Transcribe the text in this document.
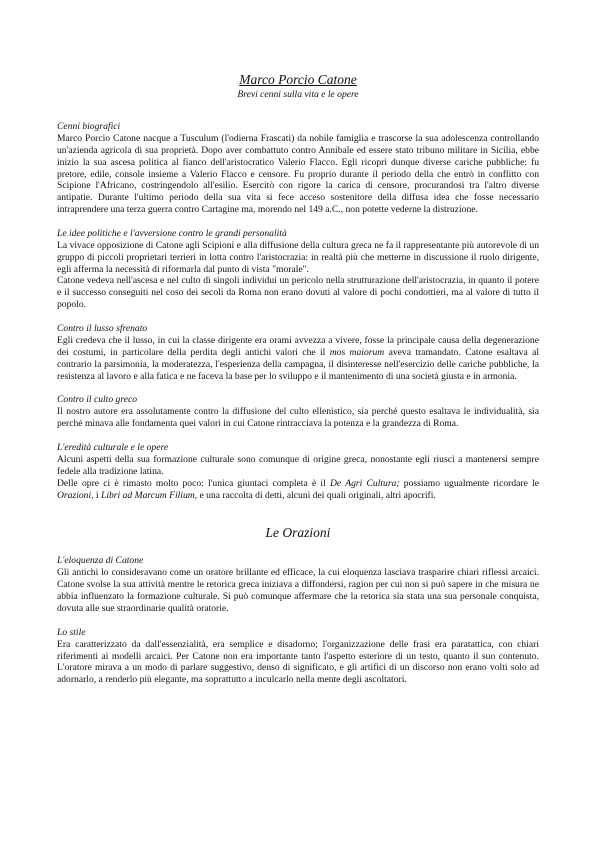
Marco Porcio Catone
Brevi cenni sulla vita e le opere
Cenni biografici
Marco Porcio Catone nacque a Tusculum (l'odierna Frascati) da nobile famiglia e trascorse la sua adolescenza controllando un'azienda agricola di sua proprietà. Dopo aver combattuto contro Annibale ed essere stato tribuno militare in Sicilia, ebbe inizio la sua ascesa politica al fianco dell'aristocratico Valerio Flacco. Egli ricoprì dunque diverse cariche pubbliche: fu pretore, edile, console insieme a Valerio Flacco e censore. Fu proprio durante il periodo della che entrò in conflitto con Scipione l'Africano, costringendolo all'esilio. Esercitò con rigore la carica di censore, procurandosi tra l'altro diverse antipatie. Durante l'ultimo periodo della sua vita si fece acceso sostenitore della diffusa idea che fosse necessario intraprendere una terza guerra contro Cartagine ma, morendo nel 149 a.C., non potette vederne la distruzione.
Le idee politiche e l'avversione contro le grandi personalità
La vivace opposizione di Catone agli Scipioni e alla diffusione della cultura greca ne fa il rappresentante più autorevole di un gruppo di piccoli proprietari terrieri in lotta contro l'aristocrazia: in realtà più che metterne in discussione il ruolo dirigente, egli afferma la necessità di riformarla dal punto di vista "morale".
Catone vedeva nell'ascesa e nel culto di singoli individui un pericolo nella strutturazione dell'aristocrazia, in quanto il potere e il successo conseguiti nel coso dei secoli da Roma non erano dovuti al valore di pochi condottieri, ma al valore di tutto il popolo.
Contro il lusso sfrenato
Egli credeva che il lusso, in cui la classe dirigente era orami avvezza a vivere, fosse la principale causa della degenerazione dei costumi, in particolare della perdita degli antichi valori che il mos maiorum aveva tramandato. Catone esaltava al contrario la parsimonia, la moderatezza, l'esperienza della campagna, il disinteresse nell'esercizio delle cariche pubbliche, la resistenza al lavoro e alla fatica e ne faceva la base per lo sviluppo e il mantenimento di una società giusta e in armonia.
Contro il culto greco
Il nostro autore era assolutamente contro la diffusione del culto ellenistico, sia perché questo esaltava le individualità, sia perché minava alle fondamenta quei valori in cui Catone rintracciava la potenza e la grandezza di Roma.
L'eredità culturale e le opere
Alcuni aspetti della sua formazione culturale sono comunque di origine greca, nonostante egli riuscì a mantenersi sempre fedele alla tradizione latina.
Delle opre ci è rimasto molto poco: l'unica giuntaci completa è il De Agri Cultura; possiamo ugualmente ricordare le Orazioni, i Libri ad Marcum Filium, e una raccolta di detti, alcuni dei quali originali, altri apocrifi.
Le Orazioni
L'eloquenza di Catone
Gli antichi lo consideravano come un oratore brillante ed efficace, la cui eloquenza lasciava trasparire chiari riflessi arcaici. Catone svolse la sua attività mentre le retorica greca iniziava a diffondersi, ragion per cui non si può sapere in che misura ne abbia influenzato la formazione culturale. Si può comunque affermare che la retorica sia stata una sua personale conquista, dovuta alle sue straordinarie qualità oratorie.
Lo stile
Era caratterizzato da dall'essenzialità, era semplice e disadorno; l'organizzazione delle frasi era paratattica, con chiari riferimenti ai modelli arcaici. Per Catone non era importante tanto l'aspetto esteriore di un testo, quanto il suo contenuto. L'oratore mirava a un modo di parlare suggestivo, denso di significato, e gli artifici di un discorso non erano volti solo ad adornarlo, a renderlo più elegante, ma soprattutto a inculcarlo nella mente degli ascoltatori.
